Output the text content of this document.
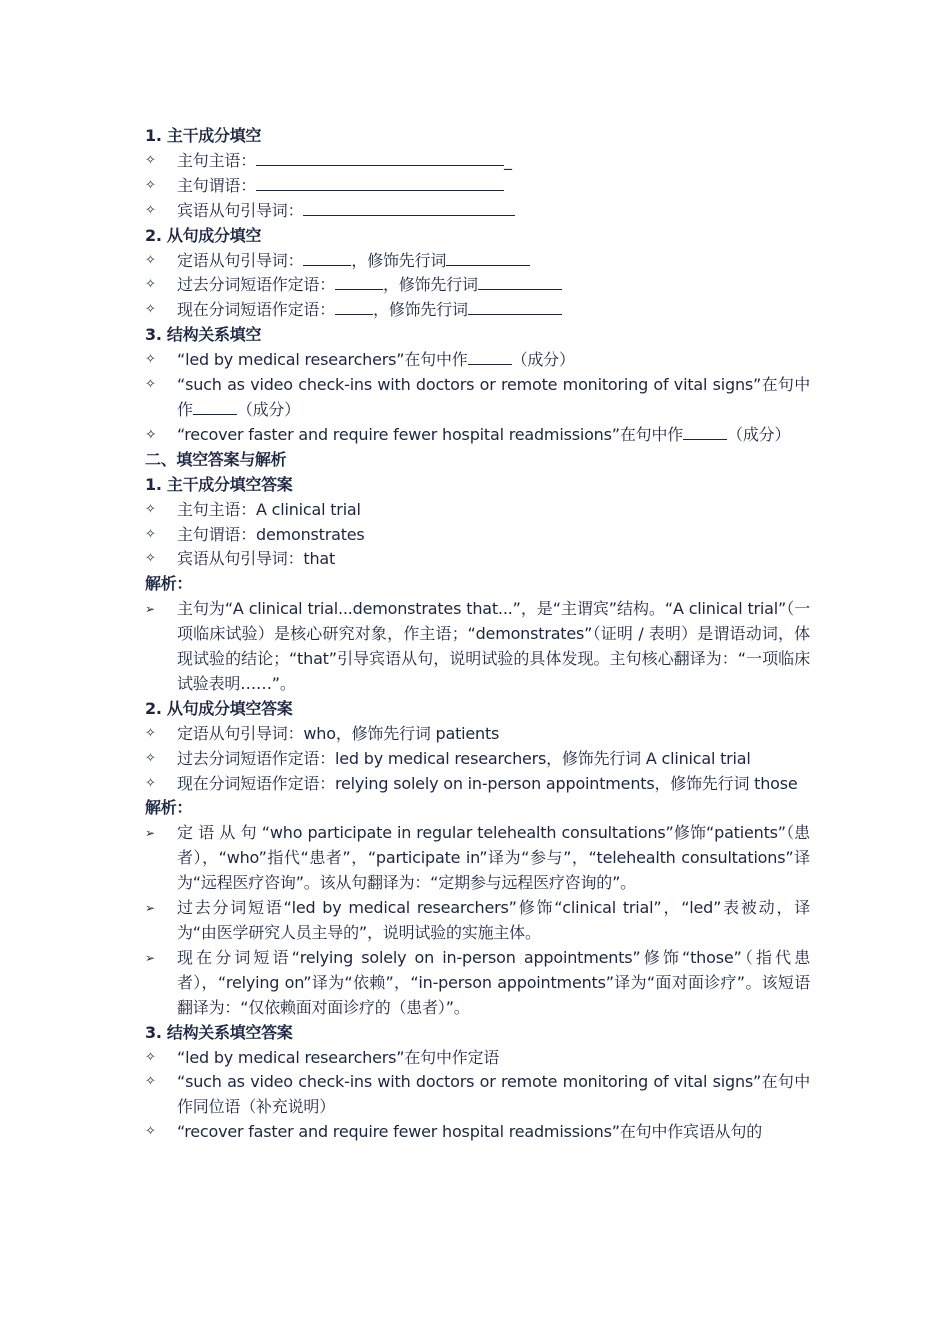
1. 主干成分填空
✧	主句主语：	_
✧	主句谓语：
✧	宾语从句引导词：
2. 从句成分填空
✧	定语从句引导词：	，修饰先行词
✧	过去分词短语作定语：	，修饰先行词
✧	现在分词短语作定语： ，修饰先行词
3. 结构关系填空
✧	“led by medical researchers”在句中作	（成分）
✧	“such as video check-ins with doctors or remote monitoring of vital signs”在句中作	（成分）
✧ “recover faster and require fewer hospital readmissions”在句中作	（成分）
二、填空答案与解析
1. 主干成分填空答案
✧	主句主语：A clinical trial
✧	主句谓语：demonstrates
✧	宾语从句引导词：that
解析：
➢	主句为“A clinical trial...demonstrates that...”，是“主谓宾”结构。“A clinical trial”（一项临床试验）是核心研究对象，作主语；“demonstrates”（证明 / 表明）是谓语动词，体现试验的结论；“that”引导宾语从句，说明试验的具体发现。主句核心翻译为：“一项临床试验表明……”。
2. 从句成分填空答案
✧	定语从句引导词：who，修饰先行词 patients
✧	过去分词短语作定语：led by medical researchers，修饰先行词 A clinical trial
✧	现在分词短语作定语：relying solely on in-person appointments，修饰先行词 those
解析：
➢	定 语 从 句 “who participate in regular telehealth consultations”修饰“patients”（患者），“who”指代“患者”，“participate in”译为“参与”，“telehealth consultations”译为“远程医疗咨询”。该从句翻译为：“定期参与远程医疗咨询的”。
➢	过去分词短语“led by medical researchers”修饰“clinical trial”，“led”表被动，译为“由医学研究人员主导的”，说明试验的实施主体。
➢	现在分词短语“relying solely on in-person appointments”修饰“those”（指代患者），“relying on”译为“依赖”，“in-person appointments”译为“面对面诊疗”。该短语翻译为：“仅依赖面对面诊疗的（患者）”。
3. 结构关系填空答案
✧	“led by medical researchers”在句中作定语
✧	“such as video check-ins with doctors or remote monitoring of vital signs”在句中作同位语（补充说明）
✧	“recover faster and require fewer hospital readmissions”在句中作宾语从句的
